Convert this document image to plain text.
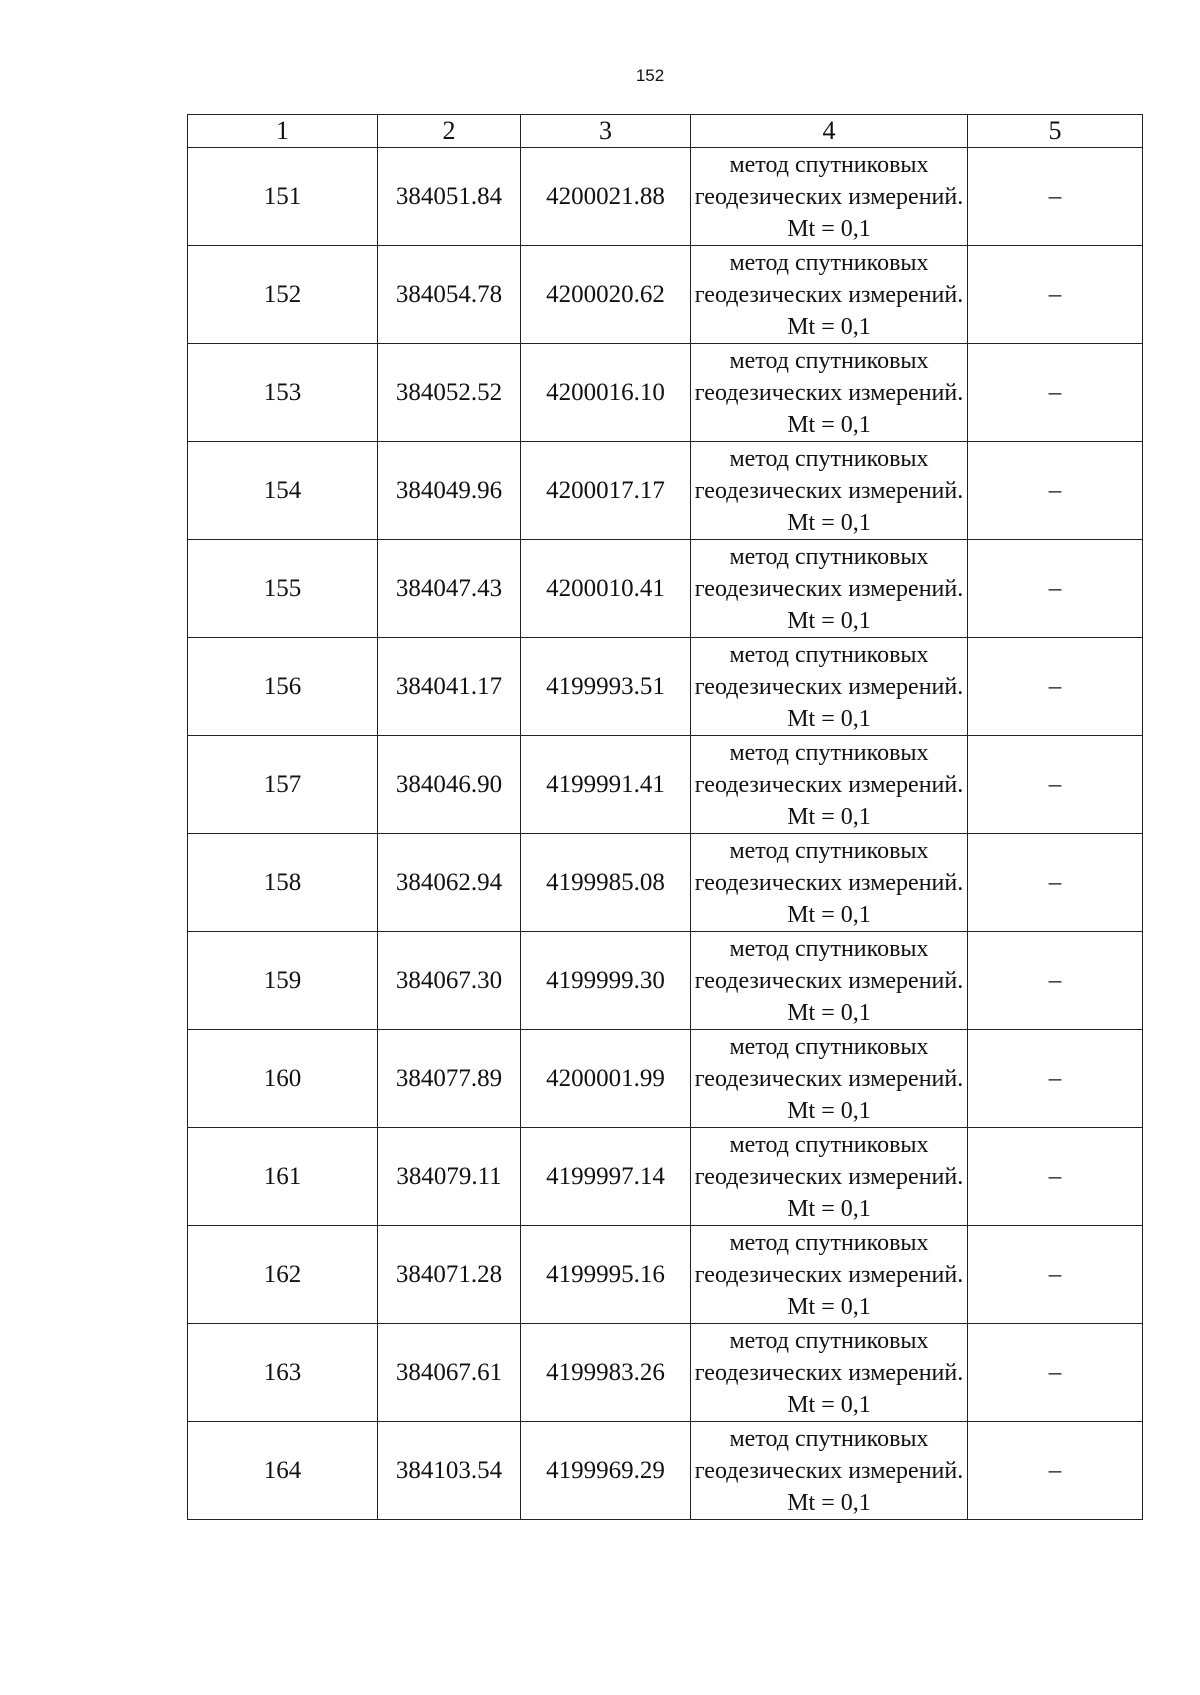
152
1	2	3	4	5
151	384051.84	4200021.88	метод спутниковых геодезических измерений. Mt = 0,1	–
152	384054.78	4200020.62	метод спутниковых геодезических измерений. Mt = 0,1	–
153	384052.52	4200016.10	метод спутниковых геодезических измерений. Mt = 0,1	–
154	384049.96	4200017.17	метод спутниковых геодезических измерений. Mt = 0,1	–
155	384047.43	4200010.41	метод спутниковых геодезических измерений. Mt = 0,1	–
156	384041.17	4199993.51	метод спутниковых геодезических измерений. Mt = 0,1	–
157	384046.90	4199991.41	метод спутниковых геодезических измерений. Mt = 0,1	–
158	384062.94	4199985.08	метод спутниковых геодезических измерений. Mt = 0,1	–
159	384067.30	4199999.30	метод спутниковых геодезических измерений. Mt = 0,1	–
160	384077.89	4200001.99	метод спутниковых геодезических измерений. Mt = 0,1	–
161	384079.11	4199997.14	метод спутниковых геодезических измерений. Mt = 0,1	–
162	384071.28	4199995.16	метод спутниковых геодезических измерений. Mt = 0,1	–
163	384067.61	4199983.26	метод спутниковых геодезических измерений. Mt = 0,1	–
164	384103.54	4199969.29	метод спутниковых геодезических измерений. Mt = 0,1	–
